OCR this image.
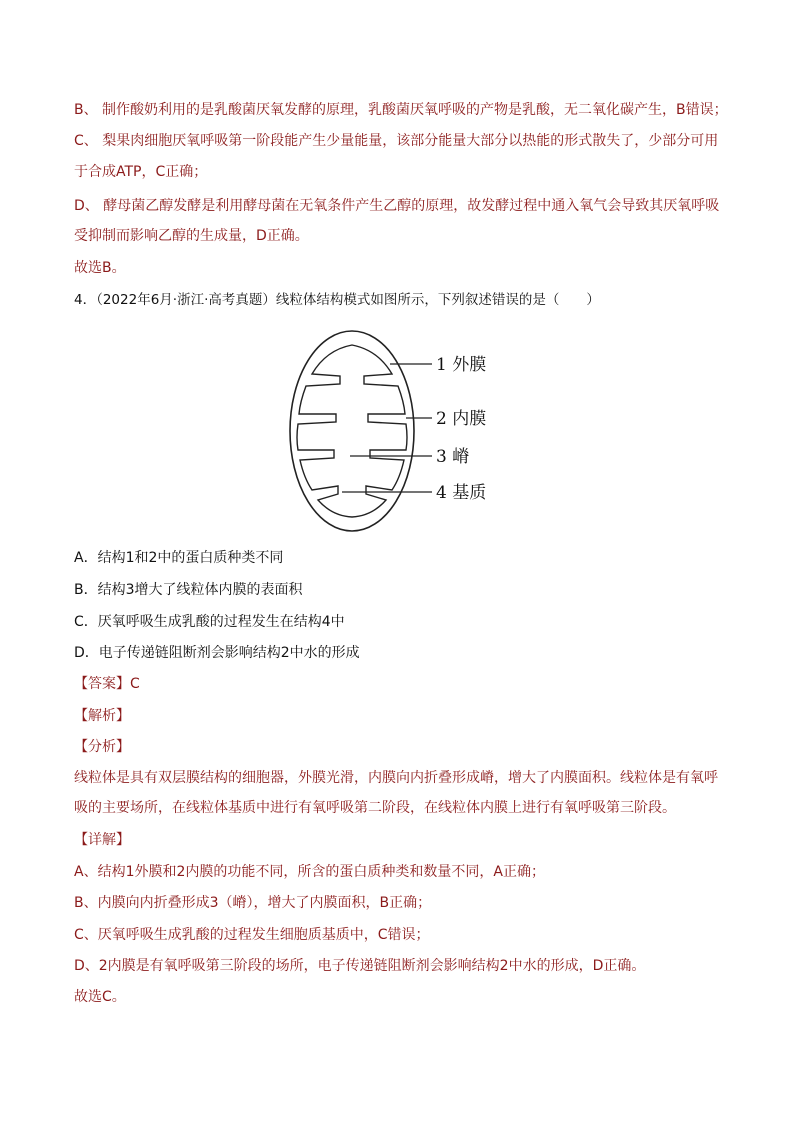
B、 制作酸奶利用的是乳酸菌厌氧发酵的原理，乳酸菌厌氧呼吸的产物是乳酸，无二氧化碳产生，B错误；
C、 梨果肉细胞厌氧呼吸第一阶段能产生少量能量，该部分能量大部分以热能的形式散失了，少部分可用
于合成ATP，C正确；
D、 酵母菌乙醇发酵是利用酵母菌在无氧条件产生乙醇的原理，故发酵过程中通入氧气会导致其厌氧呼吸
受抑制而影响乙醇的生成量，D正确。
故选B。
4．（2022年6月·浙江·高考真题）线粒体结构模式如图所示，下列叙述错误的是（　　）
1 外膜
2 内膜
3 嵴
4 基质
A．结构1和2中的蛋白质种类不同
B．结构3增大了线粒体内膜的表面积
C．厌氧呼吸生成乳酸的过程发生在结构4中
D．电子传递链阻断剂会影响结构2中水的形成
【答案】C
【解析】
【分析】
线粒体是具有双层膜结构的细胞器，外膜光滑，内膜向内折叠形成嵴，增大了内膜面积。线粒体是有氧呼
吸的主要场所，在线粒体基质中进行有氧呼吸第二阶段，在线粒体内膜上进行有氧呼吸第三阶段。
【详解】
A、结构1外膜和2内膜的功能不同，所含的蛋白质种类和数量不同，A正确；
B、内膜向内折叠形成3（嵴），增大了内膜面积，B正确；
C、厌氧呼吸生成乳酸的过程发生细胞质基质中，C错误；
D、2内膜是有氧呼吸第三阶段的场所，电子传递链阻断剂会影响结构2中水的形成，D正确。
故选C。
